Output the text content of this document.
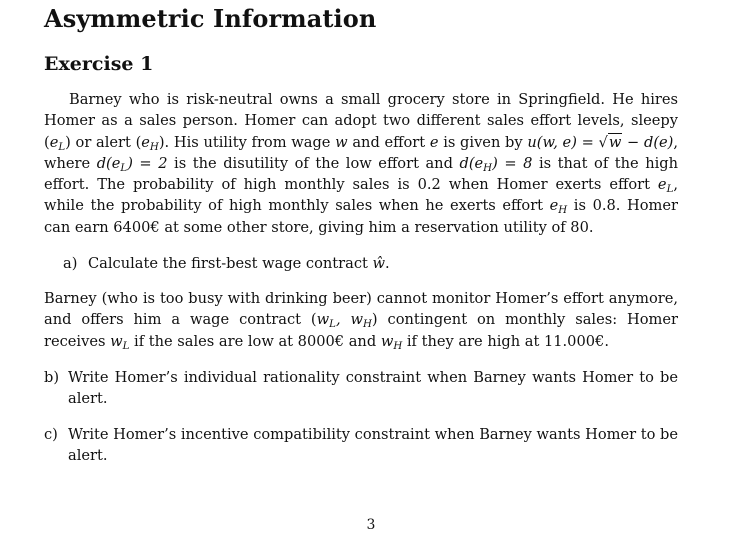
Asymmetric Information
Exercise 1
Barney who is risk-neutral owns a small grocery store in Springfield. He hires Homer as a sales person. Homer can adopt two different sales effort levels, sleepy $(e_L)$ or alert $(e_H)$. His utility from wage w and effort e is given by u(w, e) = √w − d(e), where $d(e_L) = 2$ is the disutility of the low effort and $d(e_H) = 8$ is that of the high effort. The probability of high monthly sales is 0.2 when Homer exerts effort $e_L$, while the probability of high monthly sales when he exerts effort $e_H$ is 0.8. Homer can earn 6400€ at some other store, giving him a reservation utility of 80.
a) Calculate the first-best wage contract ŵ.
Barney (who is too busy with drinking beer) cannot monitor Homer’s effort anymore, and offers him a wage contract ($w_L$, $w_H$) contingent on monthly sales: Homer receives $w_L$ if the sales are low at 8000€ and $w_H$ if they are high at 11.000€.
b) Write Homer’s individual rationality constraint when Barney wants Homer to be alert.
c) Write Homer’s incentive compatibility constraint when Barney wants Homer to be alert.
3
